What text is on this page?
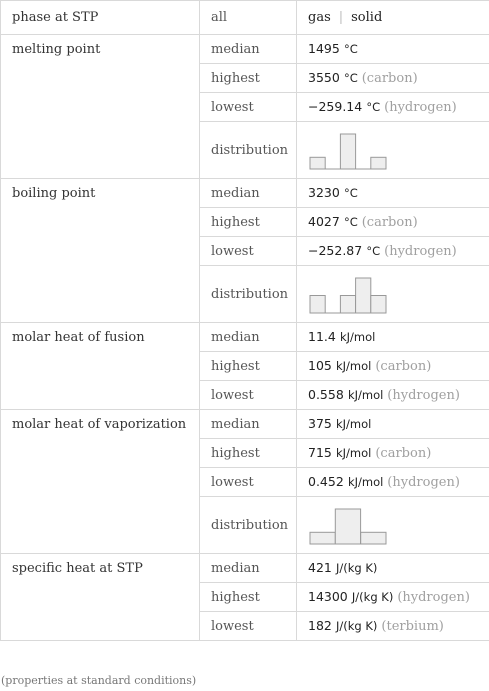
phase at STP	all	gas | solid
melting point	median	1495 °C
	highest	3550 °C (carbon)
	lowest	−259.14 °C (hydrogen)
	distribution	

boiling point	median	3230 °C
	highest	4027 °C (carbon)
	lowest	−252.87 °C (hydrogen)
	distribution	

molar heat of fusion	median	11.4 kJ/mol
	highest	105 kJ/mol (carbon)
	lowest	0.558 kJ/mol (hydrogen)
molar heat of vaporization	median	375 kJ/mol
	highest	715 kJ/mol (carbon)
	lowest	0.452 kJ/mol (hydrogen)
	distribution	

specific heat at STP	median	421 J/(kg K)
	highest	14300 J/(kg K) (hydrogen)
	lowest	182 J/(kg K) (terbium)
(properties at standard conditions)
